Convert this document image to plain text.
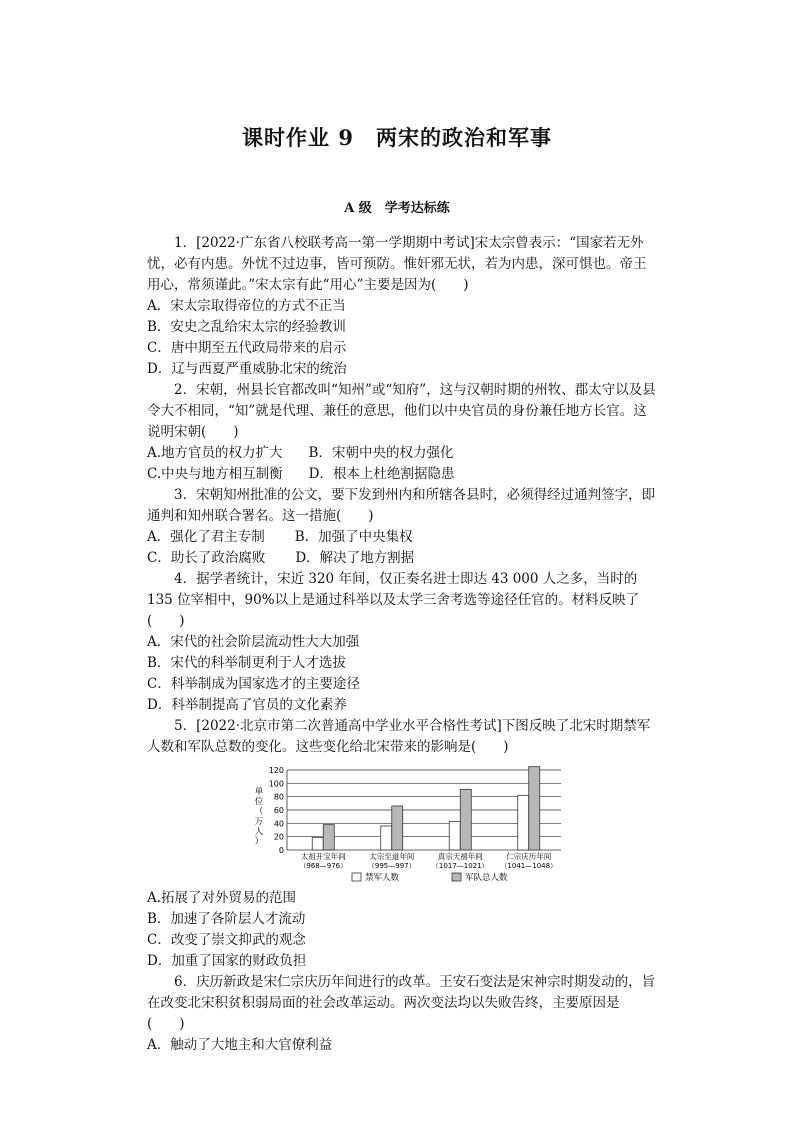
课时作业 9　两宋的政治和军事
A 级　学考达标练

1．[2022·广东省八校联考高一第一学期期中考试]宋太宗曾表示：“国家若无外忧，必有内患。外忧不过边事，皆可预防。惟奸邪无状，若为内患，深可惧也。帝王用心，常须谨此。”宋太宗有此“用心”主要是因为(　　)

A．宋太宗取得帝位的方式不正当

B．安史之乱给宋太宗的经验教训

C．唐中期至五代政局带来的启示

D．辽与西夏严重威胁北宋的统治

2．宋朝，州县长官都改叫“知州”或“知府”，这与汉朝时期的州牧、郡太守以及县令大不相同，“知”就是代理、兼任的意思，他们以中央官员的身份兼任地方长官。这说明宋朝(　　)

A.地方官员的权力扩大 B．宋朝中央的权力强化

C.中央与地方相互制衡 D．根本上杜绝割据隐患

3．宋朝知州批准的公文，要下发到州内和所辖各县时，必须得经过通判签字，即通判和知州联合署名。这一措施(　　)

A．强化了君主专制 B．加强了中央集权

C．助长了政治腐败 D．解决了地方割据

4．据学者统计，宋近 320 年间，仅正奏名进士即达 43 000 人之多，当时的 135 位宰相中，90%以上是通过科举以及太学三舍考选等途径任官的。材料反映了(　　)

A．宋代的社会阶层流动性大大加强

B．宋代的科举制更利于人才选拔

C．科举制成为国家选才的主要途径

D．科举制提高了官员的文化素养

5．[2022·北京市第二次普通高中学业水平合格性考试]下图反映了北宋时期禁军人数和军队总数的变化。这些变化给北宋带来的影响是(　　)

单
位
（
万
人
）
0
20
40
60
80
100
120
太祖开宝年间
（968—976）
太宗至道年间
（995—997）
真宗天禧年间
（1017—1021）
仁宗庆历年间
（1041—1048）
禁军人数	军队总人数

A.拓展了对外贸易的范围

B．加速了各阶层人才流动

C．改变了崇文抑武的观念

D．加重了国家的财政负担

6．庆历新政是宋仁宗庆历年间进行的改革。王安石变法是宋神宗时期发动的，旨在改变北宋积贫积弱局面的社会改革运动。两次变法均以失败告终，主要原因是(　　)

A．触动了大地主和大官僚利益
